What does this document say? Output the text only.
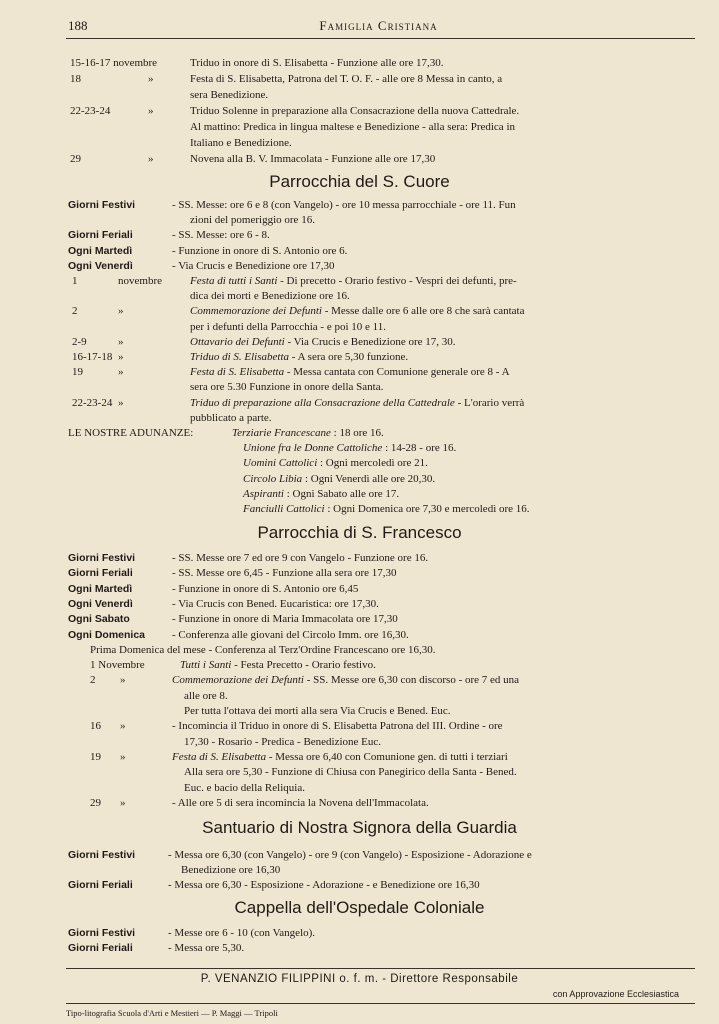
188	Famiglia Cristiana
15-16-17 novembre	Triduo in onore di S. Elisabetta - Funzione alle ore 17,30.
18	»	Festa di S. Elisabetta, Patrona del T. O. F. - alle ore 8 Messa in canto, a
sera Benedizione.
22-23-24	»	Triduo Solenne in preparazione alla Consacrazione della nuova Cattedrale.
Al mattino: Predica in lingua maltese e Benedizione - alla sera: Predica in
Italiano e Benedizione.
29	»	Novena alla B. V. Immacolata - Funzione alle ore 17,30
Parrocchia del S. Cuore
Parrocchia di S. Francesco
Santuario di Nostra Signora della Guardia
Cappella dell'Ospedale Coloniale
Giorni Festivi	- SS. Messe: ore 6 e 8 (con Vangelo) - ore 10 messa parrocchiale - ore 11. Fun
zioni del pomeriggio ore 16.
Giorni Feriali	- SS. Messe: ore 6 - 8.
Ogni Martedì	- Funzione in onore di S. Antonio ore 6.
Ogni Venerdì	- Via Crucis e Benedizione ore 17,30
1	novembre	Festa di tutti i Santi - Di precetto - Orario festivo - Vespri dei defunti, pre-
dica dei morti e Benedizione ore 16.
2	»	Commemorazione dei Defunti - Messe dalle ore 6 alle ore 8 che sarà cantata
per i defunti della Parrocchia - e poi 10 e 11.
2-9	»	Ottavario dei Defunti - Via Crucis e Benedizione ore 17, 30.
16-17-18 »	Triduo di S. Elisabetta - A sera ore 5,30 funzione.
19	»	Festa di S. Elisabetta - Messa cantata con Comunione generale ore 8 - A
sera ore 5.30 Funzione in onore della Santa.
22-23-24 »	Triduo di preparazione alla Consacrazione della Cattedrale - L'orario verrà
pubblicato a parte.
LE NOSTRE ADUNANZE:	Terziarie Francescane : 18 ore 16.
Unione fra le Donne Cattoliche : 14-28 - ore 16.
Uomini Cattolici : Ogni mercoledì ore 21.
Circolo Libia : Ogni Venerdì alle ore 20,30.
Aspiranti : Ogni Sabato alle ore 17.
Fanciulli Cattolici : Ogni Domenica ore 7,30 e mercoledì ore 16.
Giorni Festivi	- SS. Messe ore 7 ed ore 9 con Vangelo - Funzione ore 16.
Giorni Feriali	- SS. Messe ore 6,45 - Funzione alla sera ore 17,30
Ogni Martedì	- Funzione in onore di S. Antonio ore 6,45
Ogni Venerdì	- Via Crucis con Bened. Eucaristica: ore 17,30.
Ogni Sabato	- Funzione in onore di Maria Immacolata ore 17,30
Ogni Domenica - Conferenza alle giovani del Circolo Imm. ore 16,30.
Prima Domenica del mese - Conferenza al Terz'Ordine Francescano ore 16,30.
1 Novembre	Tutti i Santi - Festa Precetto - Orario festivo.
2 »	Commemorazione dei Defunti - SS. Messe ore 6,30 con discorso - ore 7 ed una
alle ore 8.
Per tutta l'ottava dei morti alla sera Via Crucis e Bened. Euc.
16 »	- Incomincia il Triduo in onore di S. Elisabetta Patrona del III. Ordine - ore
17,30 - Rosario - Predica - Benedizione Euc.
19 »	Festa di S. Elisabetta - Messa ore 6,40 con Comunione gen. di tutti i terziari
Alla sera ore 5,30 - Funzione di Chiusa con Panegirico della Santa - Bened.
Euc. e bacio della Reliquia.
29 »	- Alle ore 5 di sera incomincia la Novena dell'Immacolata.
Giorni Festivi	- Messa ore 6,30 (con Vangelo) - ore 9 (con Vangelo) - Esposizione - Adorazione e
Benedizione ore 16,30
Giorni Feriali	- Messa ore 6,30 - Esposizione - Adorazione - e Benedizione ore 16,30
Giorni Festivi	- Messe ore 6 - 10 (con Vangelo).
Giorni Feriali	- Messa ore 5,30.
P. VENANZIO FILIPPINI o. f. m. - Direttore Responsabile
con Approvazione Ecclesiastica
Tipo-litografia Scuola d'Arti e Mestieri — P. Maggi — Tripoli
